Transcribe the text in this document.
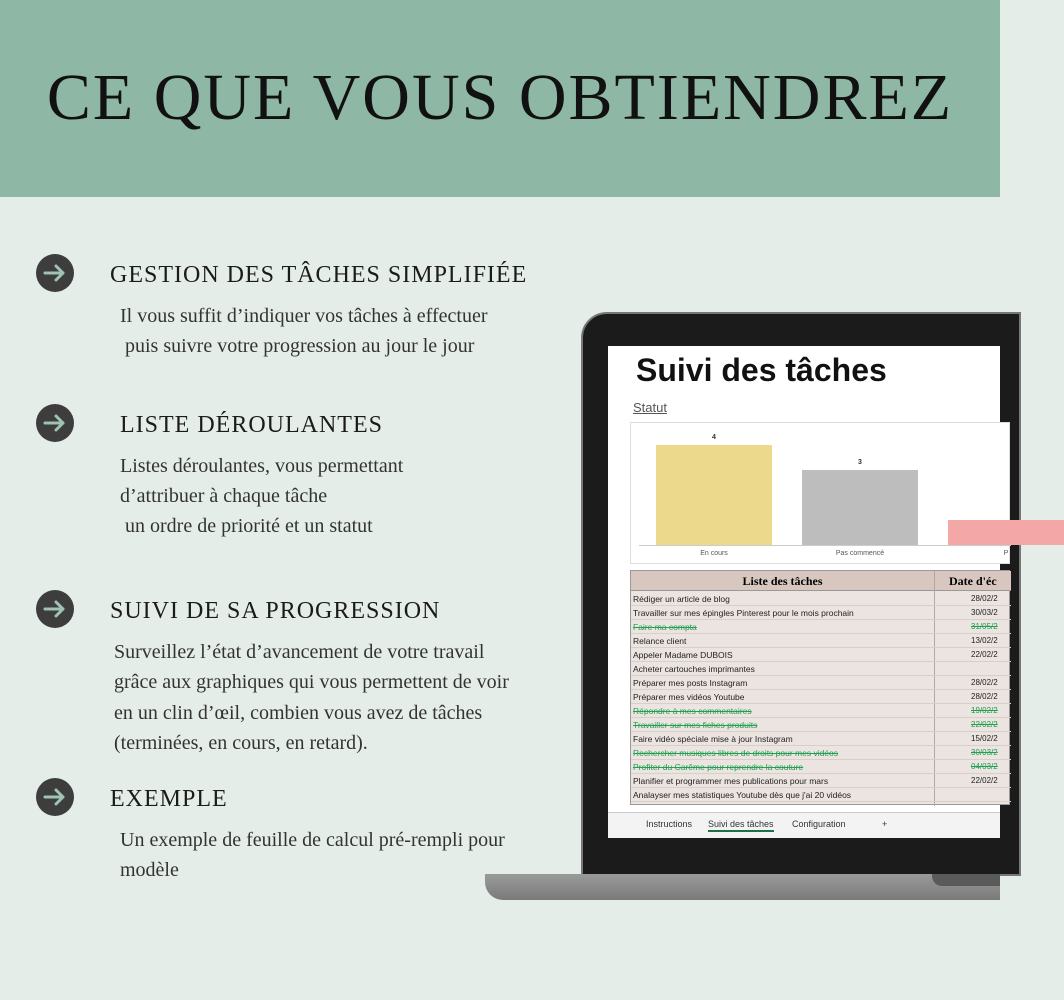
CE QUE VOUS OBTIENDREZ
GESTION DES TÂCHES SIMPLIFIÉE
Il vous suffit d’indiquer vos tâches à effectuer
puis suivre votre progression au jour le jour
LISTE DÉROULANTES
Listes déroulantes, vous permettant
d’attribuer à chaque tâche
un ordre de priorité et un statut
SUIVI DE SA PROGRESSION
Surveillez l’état d’avancement de votre travail
grâce aux graphiques qui vous permettent de voir
en un clin d’œil, combien vous avez de tâches
(terminées, en cours, en retard).
EXEMPLE
Un exemple de feuille de calcul pré-rempli pour
modèle
Suivi des tâches
Statut
4
En cours
3
Pas commencé	P
Liste des tâches	Date d'éc
Rédiger un article de blog	28/02/2
Travailler sur mes épingles Pinterest pour le mois prochain	30/03/2
Faire ma compta	31/05/2
Relance client	13/02/2
Appeler Madame DUBOIS	22/02/2
Acheter cartouches imprimantes
Préparer mes posts Instagram	28/02/2
Préparer mes vidéos Youtube	28/02/2
Répondre à mes commentaires	19/02/2
Travailler sur mes fiches produits	22/02/2
Faire vidéo spéciale mise à jour Instagram	15/02/2
Rechercher musiques libres de droits pour mes vidéos	30/03/2
Profiter du Carême pour reprendre la couture	04/03/2
Planifier et programmer mes publications pour mars	22/02/2
Analayser mes statistiques Youtube dès que j'ai 20 vidéos
Instructions Suivi des tâches Configuration	+
